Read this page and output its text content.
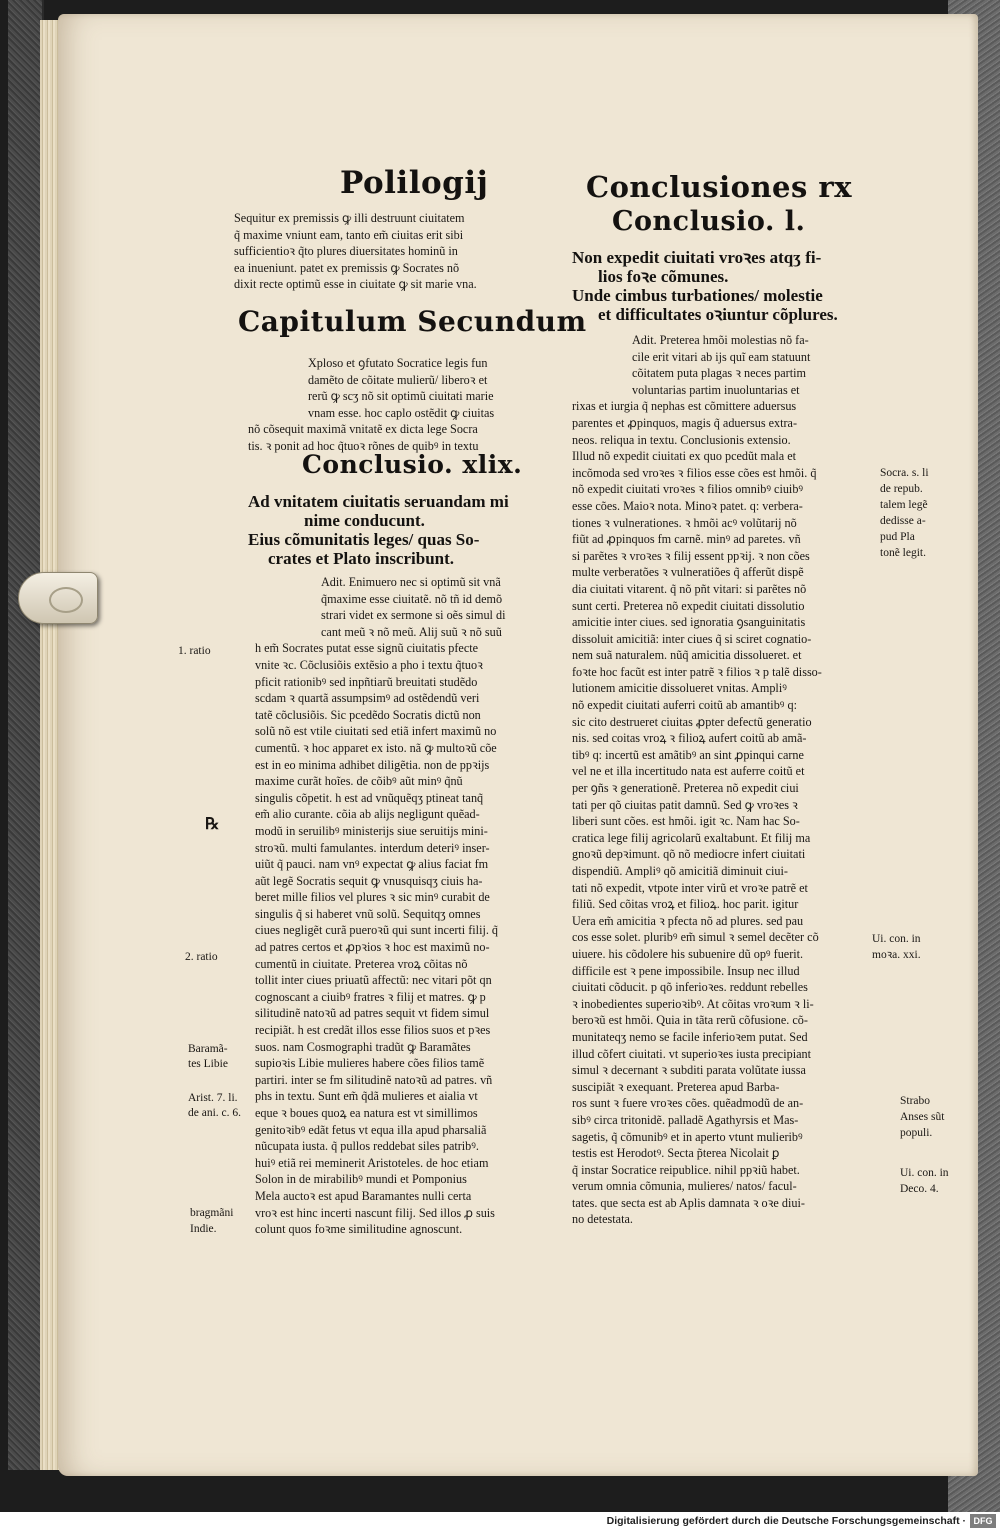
Polilogij

Sequitur ex premissis ꝙ illi destruunt ciuitatem

q̃ maxime vniunt eam, tanto em̃ ciuitas erit sibi

sufficientioꝛ q̃to plures diuersitates hominũ in

ea inueniunt. patet ex premissis ꝙ Socrates nõ

dixit recte optimũ esse in ciuitate ꝙ sit marie vna.

Capitulum Secundum

Xploso et ꝯfutato Socratice legis fun

damẽto de cõitate mulierũ/ liberoꝛ et

rerũ ꝙ scʒ nõ sit optimũ ciuitati marie

vnam esse. hoc caplo ostẽdit ꝙ ciuitas

nõ cõsequit maximã vnitatẽ ex dicta lege Socra

tis. ꝛ ponit ad hoc q̃tuoꝛ rõnes de quibꝰ in textu

Conclusio. xlix.

Ad vnitatem ciuitatis seruandam mi

nime conducunt.

Eius cõmunitatis leges/ quas So-

crates et Plato inscribunt.

Adit. Enimuero nec si optimũ sit vnã

q̃maxime esse ciuitatẽ. nõ tñ id demõ

strari videt ex sermone si oẽs simul di

cant meũ ꝛ nõ meũ. Alij suũ ꝛ nõ suũ

h em̃ Socrates putat esse signũ ciuitatis pfecte

vnite ꝛc. Cõclusiõis extẽsio a pho i textu q̃tuoꝛ

pficit rationibꝰ sed inpñtiarũ breuitati studẽdo

scdam ꝛ quartã assumpsimꝰ ad ostẽdendũ veri

tatẽ cõclusiõis. Sic pcedẽdo Socratis dictũ non

solũ nõ est vtile ciuitati sed etiã infert maximũ no

cumentũ. ꝛ hoc apparet ex isto. nã ꝙ multoꝛũ cõe

est in eo minima adhibet diligẽtia. non de ppꝛijs

maxime curãt hoĩes. de cõibꝰ aũt minꝰ q̃nũ

singulis cõpetit. h est ad vnũquẽqʒ ptineat tanq̃

em̃ alio curante. cõia ab alijs negligunt quẽad-

modũ in seruilibꝰ ministerijs siue seruitijs mini-

stroꝛũ. multi famulantes. interdum deteriꝰ inser-

uiũt q̃ pauci. nam vnꝰ expectat ꝙ alius faciat fm

aũt legẽ Socratis sequit ꝙ vnusquisqʒ ciuis ha-

beret mille filios vel plures ꝛ sic minꝰ curabit de

singulis q̃ si haberet vnũ solũ. Sequitqʒ omnes

ciues negligẽt curã pueroꝛũ qui sunt incerti filij. q̃

ad patres certos et ꝓpꝛios ꝛ hoc est maximũ no-

cumentũ in ciuitate. Preterea vroꝝ cõitas nõ

tollit inter ciues priuatũ affectũ: nec vitari põt qn

cognoscant a ciuibꝰ fratres ꝛ filij et matres. ꝙ p

silitudinẽ natoꝛũ ad patres sequit vt fidem simul

recipiãt. h est credãt illos esse filios suos et pꝛes

suos. nam Cosmographi tradũt ꝙ Baramãtes

supioꝛis Libie mulieres habere cões filios tamẽ

partiri. inter se fm silitudinẽ natoꝛũ ad patres. vñ

phs in textu. Sunt em̃ q̃dã mulieres et aialia vt

eque ꝛ boues quoꝝ ea natura est vt simillimos

genitoꝛibꝰ edãt fetus vt equa illa apud pharsaliã

nũcupata iusta. q̃ pullos reddebat siles patribꝰ.

huiꝰ etiã rei meminerit Aristoteles. de hoc etiam

Solon in de mirabilibꝰ mundi et Pomponius

Mela auctoꝛ est apud Baramantes nulli certa

vroꝛ est hinc incerti nascunt filij. Sed illos ꝓ suis

colunt quos foꝛme similitudine agnoscunt.

1. ratio
℞
2. ratio
Baramã-
tes Libie
Arist. 7. li.
de ani. c. 6.
bragmãni
Indie.
Conclusiones rx
Conclusio. l.

Non expedit ciuitati vroꝛes atqʒ fi-

lios foꝛe cõmunes.

Unde cimbus turbationes/ molestie

et difficultates oꝛiuntur cõplures.

Adit. Preterea hmõi molestias nõ fa-

cile erit vitari ab ijs quĩ eam statuunt

cõitatem puta plagas ꝛ neces partim

voluntarias partim inuoluntarias et

rixas et iurgia q̃ nephas est cõmittere aduersus

parentes et ꝓpinquos, magis q̃ aduersus extra-

neos. reliqua in textu. Conclusionis extensio.

Illud nõ expedit ciuitati ex quo pcedũt mala et

incõmoda sed vroꝛes ꝛ filios esse cões est hmõi. q̃

nõ expedit ciuitati vroꝛes ꝛ filios omnibꝰ ciuibꝰ

esse cões. Maioꝛ nota. Minoꝛ patet. q: verbera-

tiones ꝛ vulnerationes. ꝛ hmõi acꝰ volũtarij nõ

fiũt ad ꝓpinquos fm carnẽ. minꝰ ad paretes. vñ

si parẽtes ꝛ vroꝛes ꝛ filij essent ppꝛij. ꝛ non cões

multe verberatões ꝛ vulneratiões q̃ afferũt dispẽ

dia ciuitati vitarent. q̃ nõ pñt vitari: si parẽtes nõ

sunt certi. Preterea nõ expedit ciuitati dissolutio

amicitie inter ciues. sed ignoratia ꝯsanguinitatis

dissoluit amicitiã: inter ciues q̃ si sciret cognatio-

nem suã naturalem. nũq̃ amicitia dissolueret. et

foꝛte hoc facũt est inter patrẽ ꝛ filios ꝛ p talẽ disso-

lutionem amicitie dissolueret vnitas. Ampliꝰ

nõ expedit ciuitati auferri coitũ ab amantibꝰ q:

sic cito destrueret ciuitas ꝓpter defectũ generatio

nis. sed coitas vroꝝ ꝛ filioꝝ aufert coitũ ab amã-

tibꝰ q: incertũ est amãtibꝰ an sint ꝓpinqui carne

vel ne et illa incertitudo nata est auferre coitũ et

per ꝯñs ꝛ generationẽ. Preterea nõ expedit ciui

tati per qõ ciuitas patit damnũ. Sed ꝙ vroꝛes ꝛ

liberi sunt cões. est hmõi. igit ꝛc. Nam hac So-

cratica lege filij agricolarũ exaltabunt. Et filij ma

gnoꝛũ depꝛimunt. qõ nõ mediocre infert ciuitati

dispendiũ. Ampliꝰ qõ amicitiã diminuit ciui-

tati nõ expedit, vtpote inter virũ et vroꝛe patrẽ et

filiũ. Sed cõitas vroꝝ et filioꝝ. hoc parit. igitur

Uera em̃ amicitia ꝛ pfecta nõ ad plures. sed pau

cos esse solet. pluribꝰ em̃ simul ꝛ semel decẽter cõ

uiuere. his cõdolere his subuenire dũ opꝰ fuerit.

difficile est ꝛ pene impossibile. Insup nec illud

ciuitati cõducit. p qõ inferioꝛes. reddunt rebelles

ꝛ inobedientes superioꝛibꝰ. At cõitas vroꝛum ꝛ li-

beroꝛũ est hmõi. Quia in tãta rerũ cõfusione. cõ-

munitateqʒ nemo se facile inferioꝛem putat. Sed

illud cõfert ciuitati. vt superioꝛes iusta precipiant

simul ꝛ decernant ꝛ subditi parata volũtate iussa

suscipiãt ꝛ exequant. Preterea apud Barba-

ros sunt ꝛ fuere vroꝛes cões. quẽadmodũ de an-

sibꝰ circa tritonidẽ. palladẽ Agathyrsis et Mas-

sagetis, q̃ cõmunibꝰ et in aperto vtunt mulieribꝰ

testis est Herodotꝰ. Secta p̃terea Nicolait ꝑ

q̃ instar Socratice reipublice. nihil ppꝛiũ habet.

verum omnia cõmunia, mulieres/ natos/ facul-

tates. que secta est ab Aplis damnata ꝛ oꝛe diui-

no detestata.

Socra. s. li
de repub.
talem legẽ
dedisse a-
pud Pla
tonẽ legit.
Ui. con. in
moꝛa. xxi.
Strabo
Anses sũt
populi.
Ui. con. in
Deco. 4.
Digitalisierung gefördert durch die Deutsche Forschungsgemeinschaft · DFG
